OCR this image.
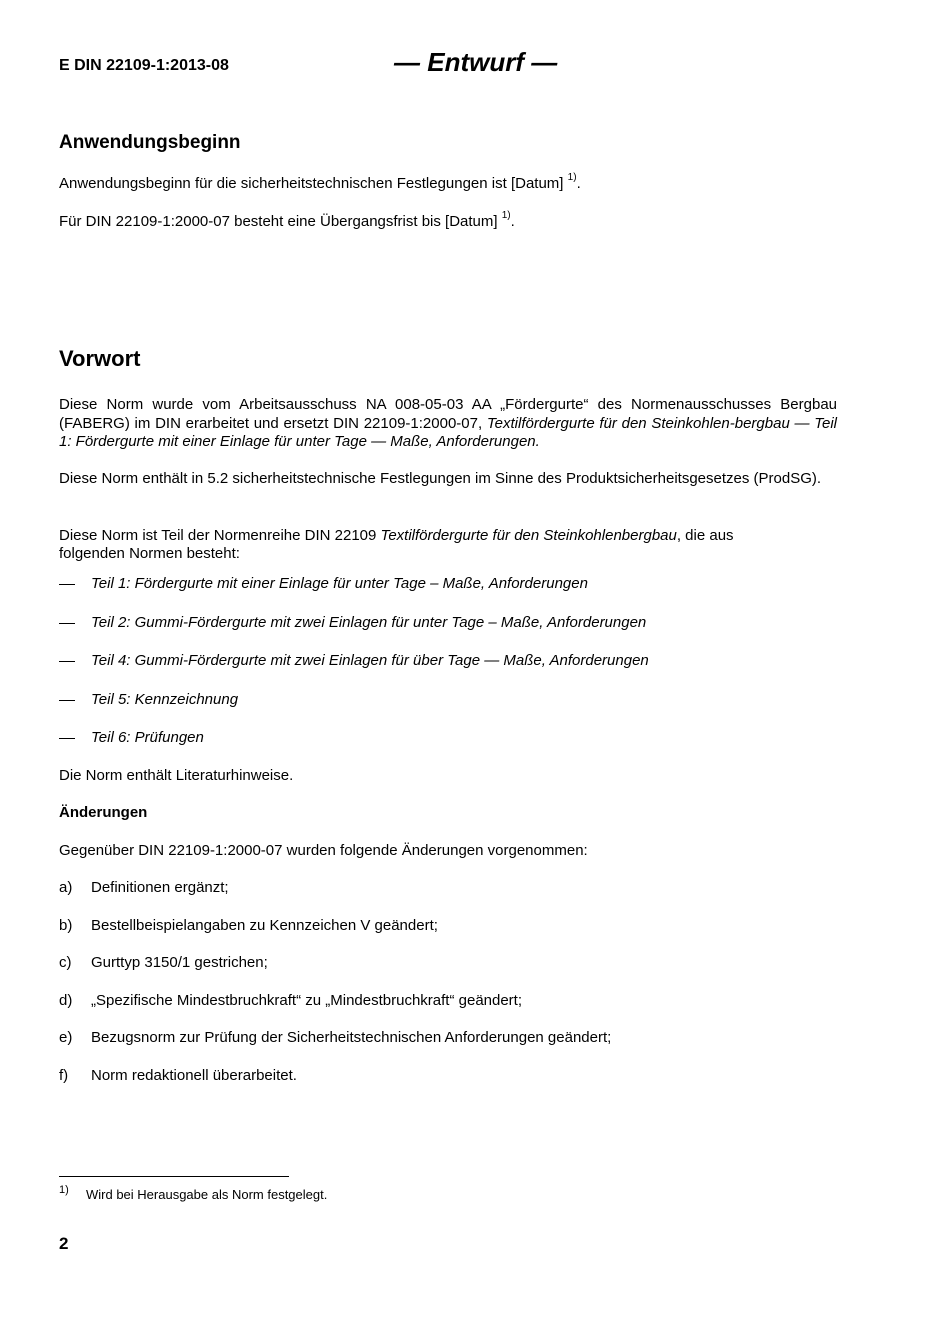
E DIN 22109-1:2013-08	— Entwurf —
Anwendungsbeginn
Anwendungsbeginn für die sicherheitstechnischen Festlegungen ist [Datum] $^{1)}$.
Für DIN 22109-1:2000-07 besteht eine Übergangsfrist bis [Datum] $^{1)}$.
Vorwort
Diese Norm wurde vom Arbeitsausschuss NA 008-05-03 AA „Fördergurte“ des Normenausschusses Bergbau (FABERG) im DIN erarbeitet und ersetzt DIN 22109-1:2000-07, Textilfördergurte für den Steinkohlen-bergbau — Teil 1: Fördergurte mit einer Einlage für unter Tage — Maße, Anforderungen.
Diese Norm enthält in 5.2 sicherheitstechnische Festlegungen im Sinne des Produktsicherheitsgesetzes (ProdSG).
Diese Norm ist Teil der Normenreihe DIN 22109 Textilfördergurte für den Steinkohlenbergbau, die aus
folgenden Normen besteht:
Teil 1: Fördergurte mit einer Einlage für unter Tage – Maße, Anforderungen
Teil 2: Gummi-Fördergurte mit zwei Einlagen für unter Tage – Maße, Anforderungen
Teil 4: Gummi-Fördergurte mit zwei Einlagen für über Tage — Maße, Anforderungen
Teil 5: Kennzeichnung
Teil 6: Prüfungen
Die Norm enthält Literaturhinweise.
Änderungen
Gegenüber DIN 22109-1:2000-07 wurden folgende Änderungen vorgenommen:
a) Definitionen ergänzt;
b) Bestellbeispielangaben zu Kennzeichen V geändert;
c) Gurttyp 3150/1 gestrichen;
d) „Spezifische Mindestbruchkraft“ zu „Mindestbruchkraft“ geändert;
e) Bezugsnorm zur Prüfung der Sicherheitstechnischen Anforderungen geändert;
f) Norm redaktionell überarbeitet.
1) Wird bei Herausgabe als Norm festgelegt.
2
